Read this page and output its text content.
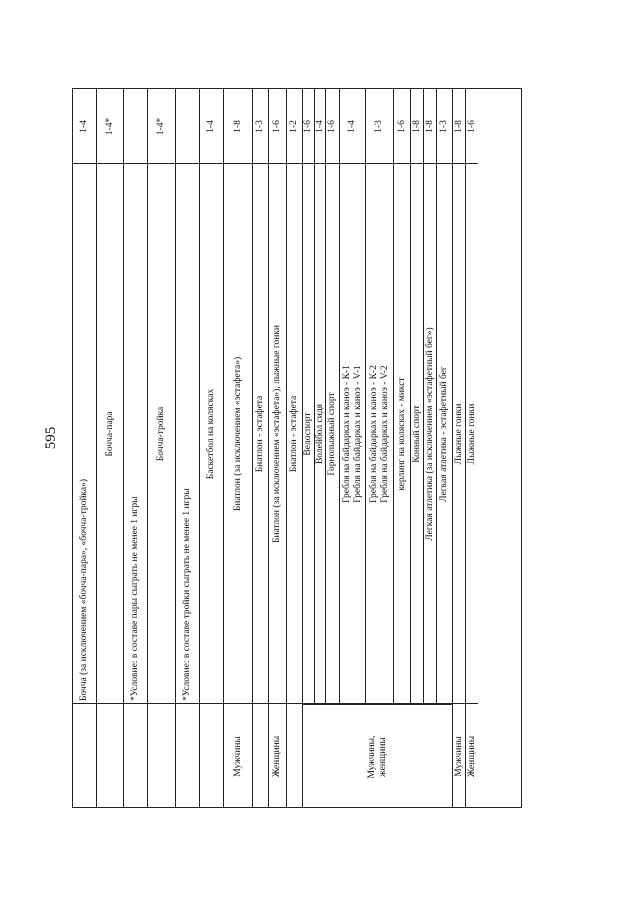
595
Бочча (за исключением «бочча-пара», «бочча-тройка»)
1-4
Бочча-пара
1-4*
*Условие: в составе пары сыграть не менее 1 игры
Бочча-тройка
1-4*
*Условие: в составе тройки сыграть не менее 1 игры
Баскетбол на колясках
1-4
Мужчины
Биатлон (за исключением «эстафета»)
1-8
Биатлон - эстафета
1-3
Женщины
Биатлон (за исключением «эстафета»), лыжные гонки
1-6
Биатлон - эстафета
1-2
Велоспорт
1-6
Волейбол сидя
1-4
Горнолыжный спорт
1-6
Гребля на байдарках и каноэ - К-1
Гребля на байдарках и каноэ - V-1
1-4
Гребля на байдарках и каноэ - К-2
Гребля на байдарках и каноэ - V-2
1-3
керлинг на колясках - микст
1-6
Конный спорт
1-8
Легкая атлетика (за исключением «эстафетный бег»)
1-8
Легкая атлетика - эстафетный бег
1-3
Мужчины
Лыжные гонки
1-8
Женщины
Лыжные гонки
1-6
Мужчины,
женщины
